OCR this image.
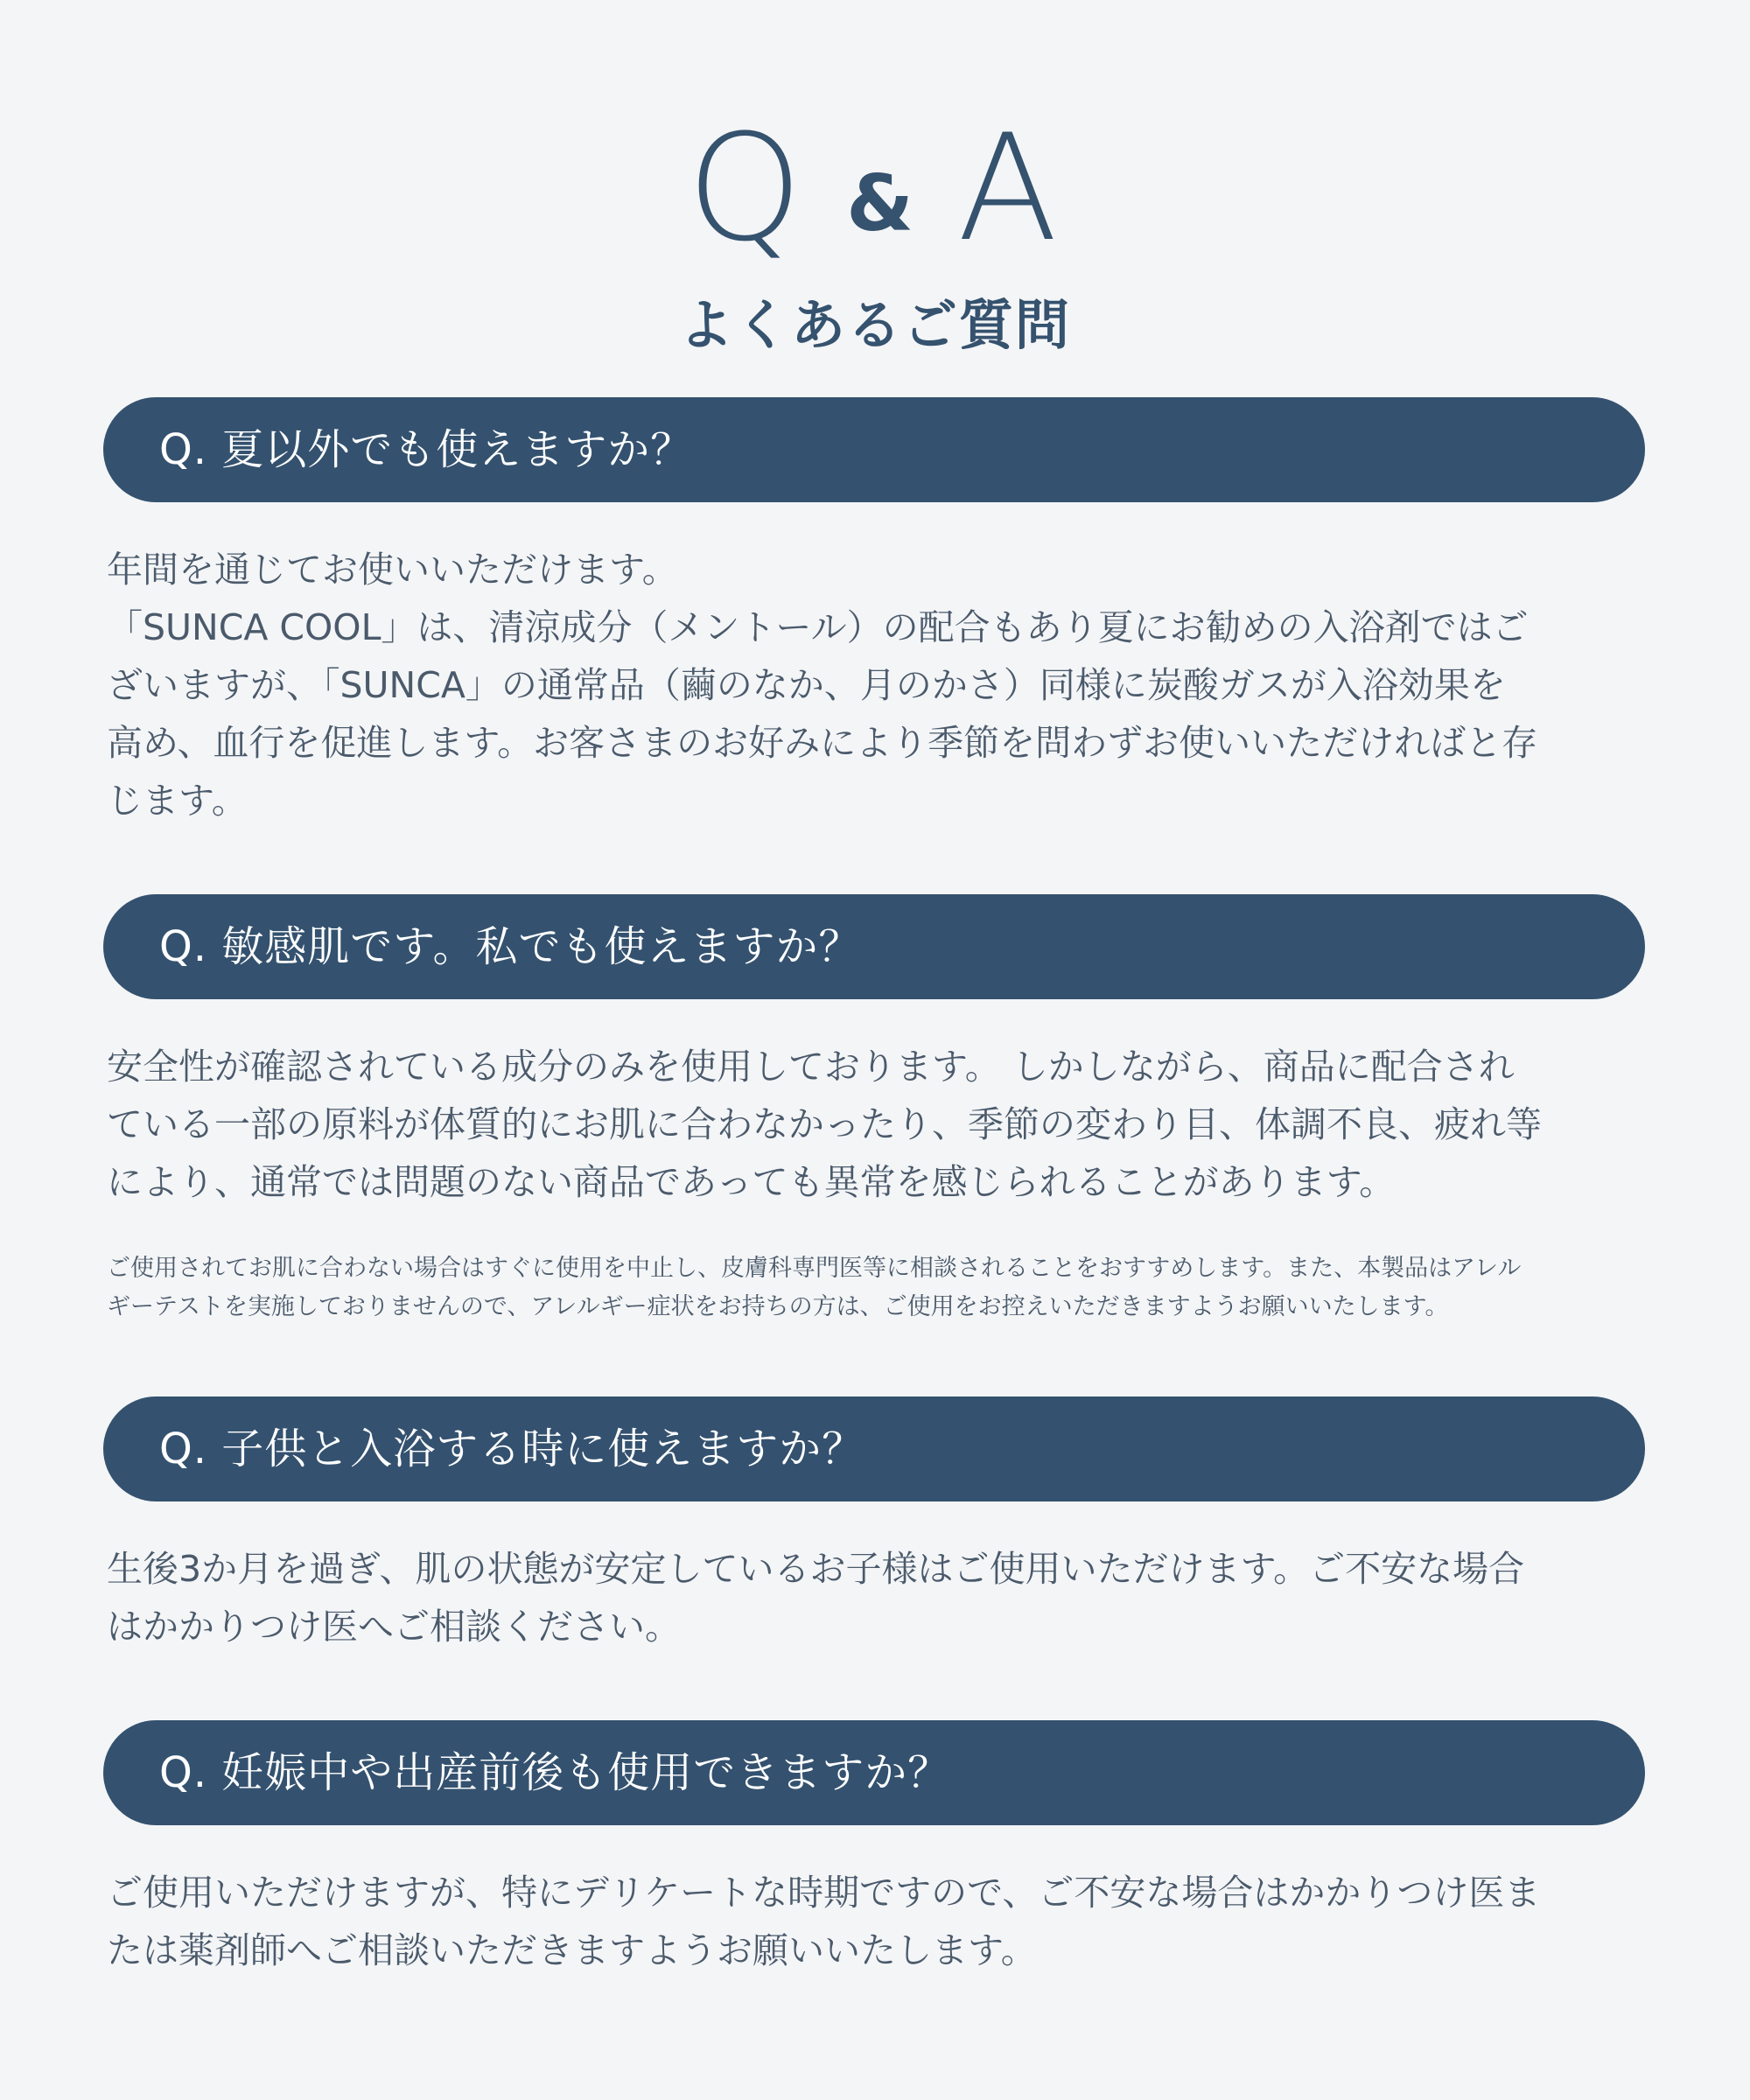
Q & A
よくあるご質問
Q. 夏以外でも使えますか？
年間を通じてお使いいただけます。
「SUNCA COOL」は、清涼成分（メントール）の配合もあり夏にお勧めの入浴剤ではご
ざいますが、「SUNCA」の通常品（繭のなか、月のかさ）同様に炭酸ガスが入浴効果を
高め、血行を促進します。お客さまのお好みにより季節を問わずお使いいただければと存
じます。
Q. 敏感肌です。私でも使えますか？
安全性が確認されている成分のみを使用しております。 しかしながら、商品に配合され
ている一部の原料が体質的にお肌に合わなかったり、季節の変わり目、体調不良、疲れ等
により、通常では問題のない商品であっても異常を感じられることがあります。
ご使用されてお肌に合わない場合はすぐに使用を中止し、皮膚科専門医等に相談されることをおすすめします。また、本製品はアレル
ギーテストを実施しておりませんので、アレルギー症状をお持ちの方は、ご使用をお控えいただきますようお願いいたします。
Q. 子供と入浴する時に使えますか？
生後3か月を過ぎ、肌の状態が安定しているお子様はご使用いただけます。ご不安な場合
はかかりつけ医へご相談ください。
Q. 妊娠中や出産前後も使用できますか？
ご使用いただけますが、特にデリケートな時期ですので、ご不安な場合はかかりつけ医ま
たは薬剤師へご相談いただきますようお願いいたします。
